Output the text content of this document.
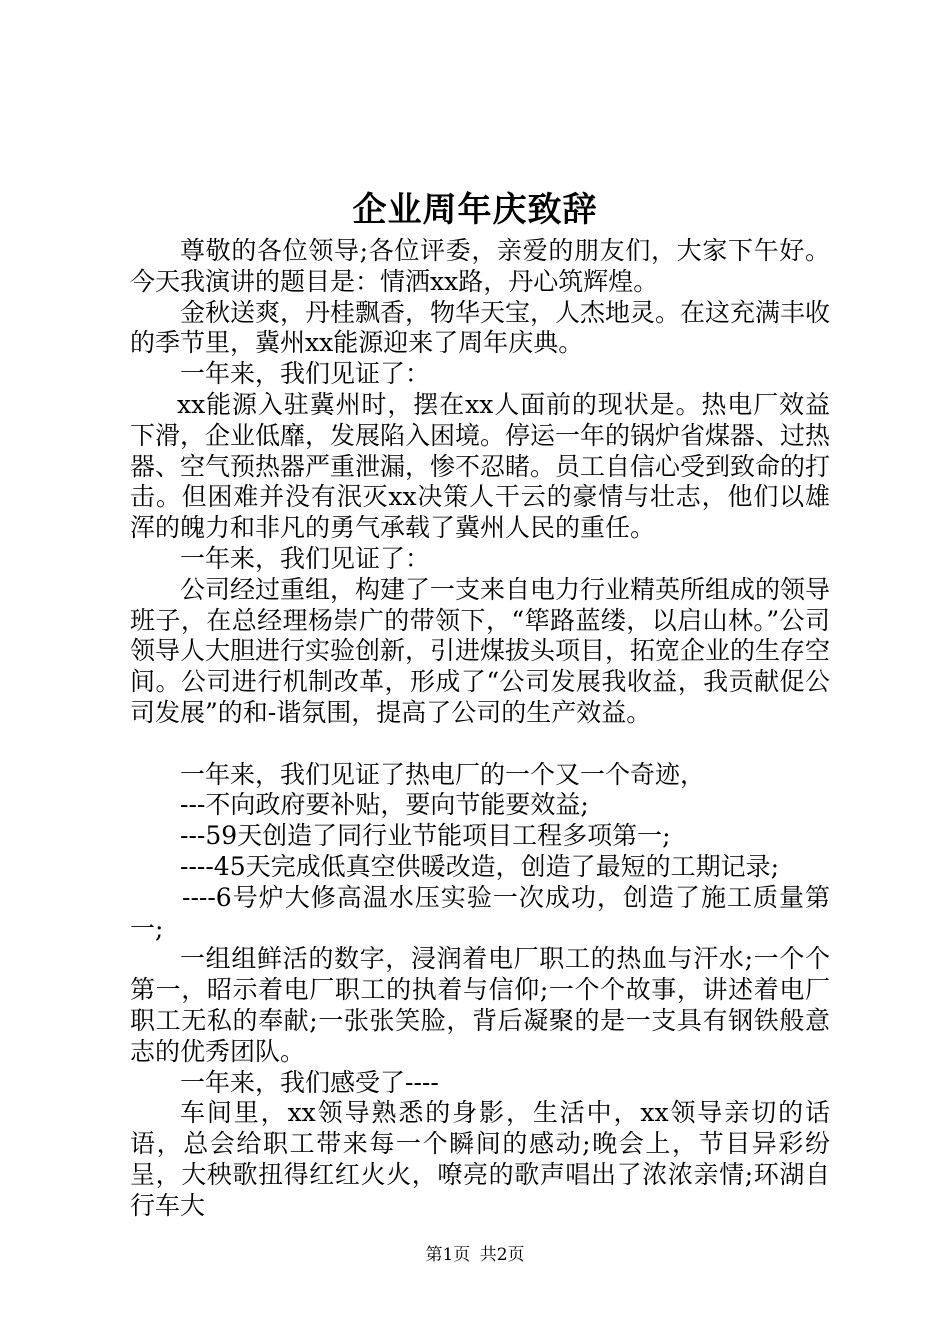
企业周年庆致辞

尊敬的各位领导;各位评委，亲爱的朋友们，大家下午好。今天我演讲的题目是：情洒xx路，丹心筑辉煌。

金秋送爽，丹桂飘香，物华天宝，人杰地灵。在这充满丰收的季节里，冀州xx能源迎来了周年庆典。

一年来，我们见证了：

xx能源入驻冀州时，摆在xx人面前的现状是。热电厂效益下滑，企业低靡，发展陷入困境。停运一年的锅炉省煤器、过热器、空气预热器严重泄漏，惨不忍睹。员工自信心受到致命的打击。但困难并没有泯灭xx决策人干云的豪情与壮志，他们以雄浑的魄力和非凡的勇气承载了冀州人民的重任。

一年来，我们见证了：

公司经过重组，构建了一支来自电力行业精英所组成的领导班子，在总经理杨崇广的带领下，“筚路蓝缕，以启山林。”公司领导人大胆进行实验创新，引进煤拔头项目，拓宽企业的生存空间。公司进行机制改革，形成了“公司发展我收益，我贡献促公司发展”的和-谐氛围，提高了公司的生产效益。

一年来，我们见证了热电厂的一个又一个奇迹，

---不向政府要补贴，要向节能要效益;

---59天创造了同行业节能项目工程多项第一;

----45天完成低真空供暖改造，创造了最短的工期记录;

----6号炉大修高温水压实验一次成功，创造了施工质量第一;

一组组鲜活的数字，浸润着电厂职工的热血与汗水;一个个第一，昭示着电厂职工的执着与信仰;一个个故事，讲述着电厂职工无私的奉献;一张张笑脸，背后凝聚的是一支具有钢铁般意志的优秀团队。

一年来，我们感受了----

车间里，xx领导熟悉的身影，生活中，xx领导亲切的话语，总会给职工带来每一个瞬间的感动;晚会上，节目异彩纷呈，大秧歌扭得红红火火，嘹亮的歌声唱出了浓浓亲情;环湖自行车大

第1页 共2页
